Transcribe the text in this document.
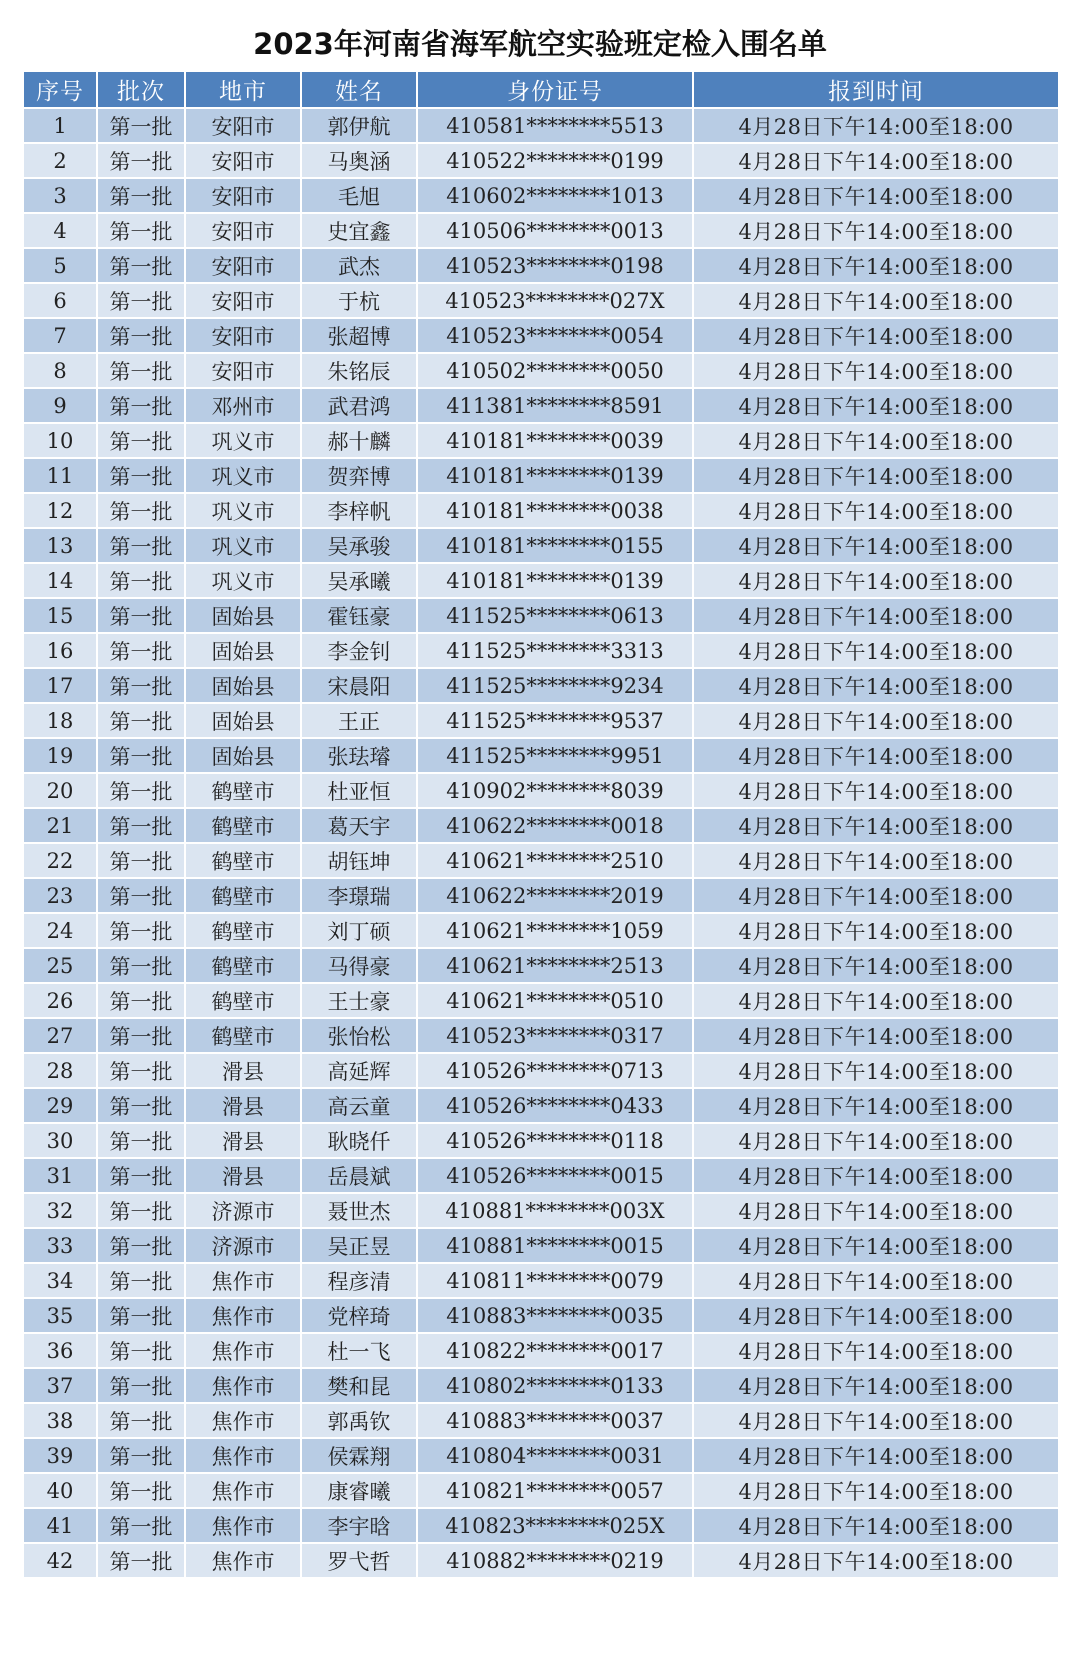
2023年河南省海军航空实验班定检入围名单
序号	批次	地市	姓名	身份证号	报到时间
1	第一批	安阳市	郭伊航	410581********5513	4月28日下午14:00至18:00
2	第一批	安阳市	马奥涵	410522********0199	4月28日下午14:00至18:00
3	第一批	安阳市	毛旭	410602********1013	4月28日下午14:00至18:00
4	第一批	安阳市	史宜鑫	410506********0013	4月28日下午14:00至18:00
5	第一批	安阳市	武杰	410523********0198	4月28日下午14:00至18:00
6	第一批	安阳市	于杭	410523********027X	4月28日下午14:00至18:00
7	第一批	安阳市	张超博	410523********0054	4月28日下午14:00至18:00
8	第一批	安阳市	朱铭辰	410502********0050	4月28日下午14:00至18:00
9	第一批	邓州市	武君鸿	411381********8591	4月28日下午14:00至18:00
10	第一批	巩义市	郝十麟	410181********0039	4月28日下午14:00至18:00
11	第一批	巩义市	贺弈博	410181********0139	4月28日下午14:00至18:00
12	第一批	巩义市	李梓帆	410181********0038	4月28日下午14:00至18:00
13	第一批	巩义市	吴承骏	410181********0155	4月28日下午14:00至18:00
14	第一批	巩义市	吴承曦	410181********0139	4月28日下午14:00至18:00
15	第一批	固始县	霍钰豪	411525********0613	4月28日下午14:00至18:00
16	第一批	固始县	李金钊	411525********3313	4月28日下午14:00至18:00
17	第一批	固始县	宋晨阳	411525********9234	4月28日下午14:00至18:00
18	第一批	固始县	王正	411525********9537	4月28日下午14:00至18:00
19	第一批	固始县	张珐璿	411525********9951	4月28日下午14:00至18:00
20	第一批	鹤壁市	杜亚恒	410902********8039	4月28日下午14:00至18:00
21	第一批	鹤壁市	葛天宇	410622********0018	4月28日下午14:00至18:00
22	第一批	鹤壁市	胡钰坤	410621********2510	4月28日下午14:00至18:00
23	第一批	鹤壁市	李璟瑞	410622********2019	4月28日下午14:00至18:00
24	第一批	鹤壁市	刘丁硕	410621********1059	4月28日下午14:00至18:00
25	第一批	鹤壁市	马得豪	410621********2513	4月28日下午14:00至18:00
26	第一批	鹤壁市	王士豪	410621********0510	4月28日下午14:00至18:00
27	第一批	鹤壁市	张怡松	410523********0317	4月28日下午14:00至18:00
28	第一批	滑县	高延辉	410526********0713	4月28日下午14:00至18:00
29	第一批	滑县	高云童	410526********0433	4月28日下午14:00至18:00
30	第一批	滑县	耿晓仟	410526********0118	4月28日下午14:00至18:00
31	第一批	滑县	岳晨斌	410526********0015	4月28日下午14:00至18:00
32	第一批	济源市	聂世杰	410881********003X	4月28日下午14:00至18:00
33	第一批	济源市	吴正昱	410881********0015	4月28日下午14:00至18:00
34	第一批	焦作市	程彦清	410811********0079	4月28日下午14:00至18:00
35	第一批	焦作市	党梓琦	410883********0035	4月28日下午14:00至18:00
36	第一批	焦作市	杜一飞	410822********0017	4月28日下午14:00至18:00
37	第一批	焦作市	樊和昆	410802********0133	4月28日下午14:00至18:00
38	第一批	焦作市	郭禹钦	410883********0037	4月28日下午14:00至18:00
39	第一批	焦作市	侯霖翔	410804********0031	4月28日下午14:00至18:00
40	第一批	焦作市	康睿曦	410821********0057	4月28日下午14:00至18:00
41	第一批	焦作市	李宇晗	410823********025X	4月28日下午14:00至18:00
42	第一批	焦作市	罗弋哲	410882********0219	4月28日下午14:00至18:00
